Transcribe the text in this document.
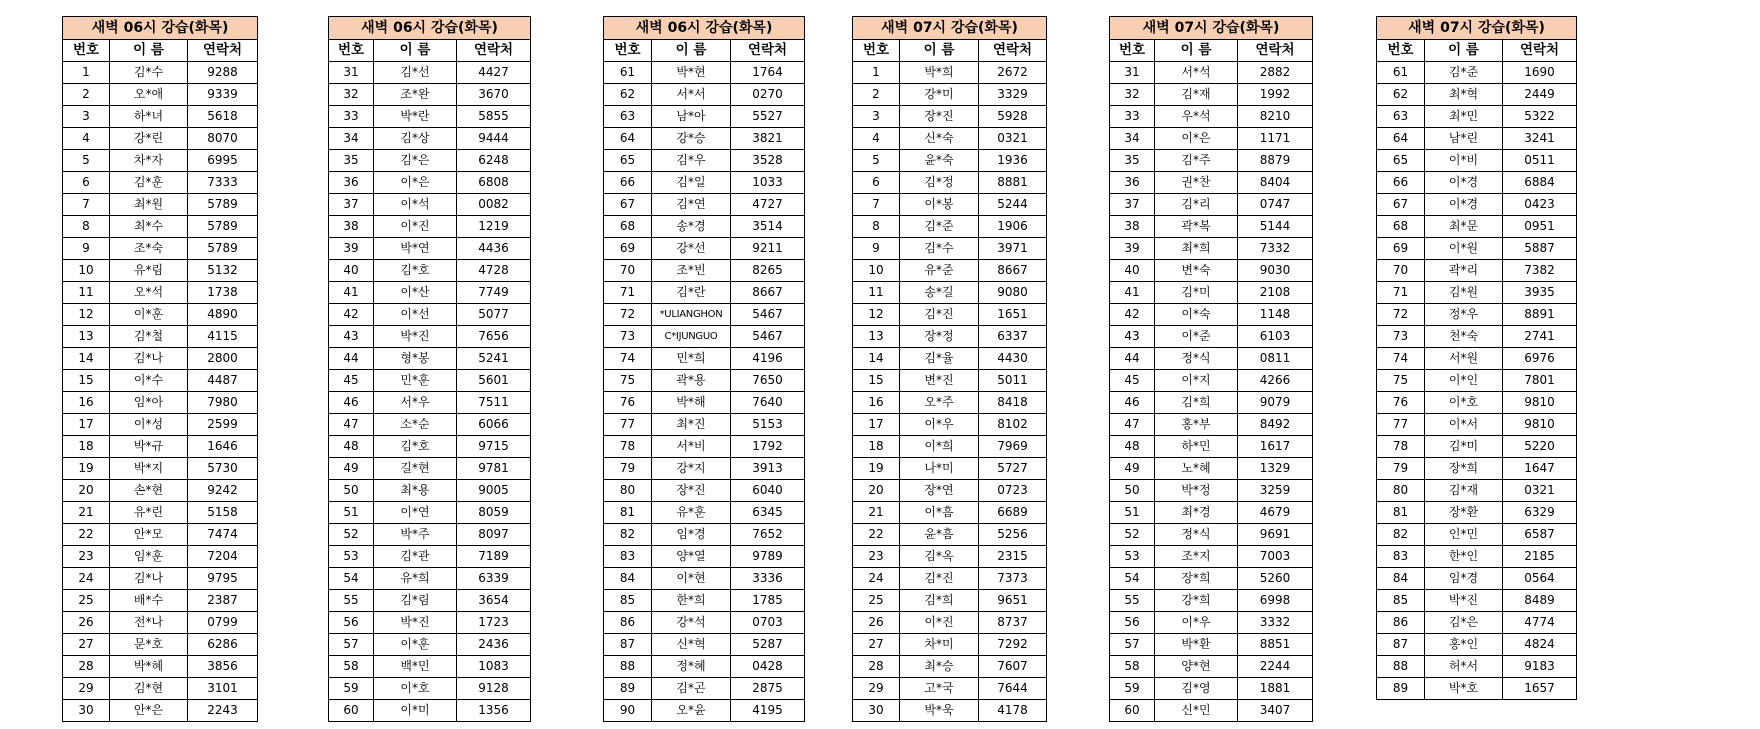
새벽 06시 강습(화목)		
번호	이 름	연락처
1	김*수	9288
2	오*애	9339
3	하*녀	5618
4	강*린	8070
5	차*자	6995
6	김*훈	7333
7	최*원	5789
8	최*수	5789
9	조*숙	5789
10	유*림	5132
11	오*석	1738
12	이*훈	4890
13	김*철	4115
14	김*나	2800
15	이*수	4487
16	임*아	7980
17	이*성	2599
18	박*규	1646
19	박*지	5730
20	손*현	9242
21	유*린	5158
22	안*모	7474
23	임*훈	7204
24	김*나	9795
25	배*수	2387
26	전*나	0799
27	문*호	6286
28	박*혜	3856
29	김*현	3101
30	안*은	2243
새벽 06시 강습(화목)		
번호	이 름	연락처
31	김*선	4427
32	조*완	3670
33	박*란	5855
34	김*상	9444
35	김*은	6248
36	이*은	6808
37	이*석	0082
38	이*진	1219
39	박*연	4436
40	김*호	4728
41	이*산	7749
42	이*선	5077
43	박*진	7656
44	형*봉	5241
45	민*훈	5601
46	서*우	7511
47	소*순	6066
48	김*호	9715
49	길*현	9781
50	최*용	9005
51	이*연	8059
52	박*주	8097
53	김*관	7189
54	유*희	6339
55	김*림	3654
56	박*진	1723
57	이*훈	2436
58	백*민	1083
59	이*호	9128
60	이*미	1356
새벽 06시 강습(화목)		
번호	이 름	연락처
61	박*현	1764
62	서*서	0270
63	남*아	5527
64	강*승	3821
65	김*우	3528
66	김*일	1033
67	김*연	4727
68	송*경	3514
69	강*선	9211
70	조*빈	8265
71	김*란	8667
72	*ULIANGHON	5467
73	C*IJUNGUO	5467
74	민*희	4196
75	곽*용	7650
76	박*해	7640
77	최*진	5153
78	서*비	1792
79	강*지	3913
80	장*진	6040
81	유*훈	6345
82	임*경	7652
83	양*열	9789
84	이*현	3336
85	한*희	1785
86	강*석	0703
87	신*혁	5287
88	정*혜	0428
89	김*곤	2875
90	오*윤	4195
새벽 07시 강습(화목)		
번호	이 름	연락처
1	박*희	2672
2	강*미	3329
3	장*진	5928
4	신*숙	0321
5	윤*숙	1936
6	김*정	8881
7	이*봉	5244
8	김*준	1906
9	김*수	3971
10	유*준	8667
11	송*길	9080
12	김*진	1651
13	장*정	6337
14	김*율	4430
15	변*진	5011
16	오*주	8418
17	이*우	8102
18	이*희	7969
19	나*미	5727
20	장*연	0723
21	이*흠	6689
22	윤*흠	5256
23	김*옥	2315
24	김*진	7373
25	김*희	9651
26	이*진	8737
27	차*미	7292
28	최*승	7607
29	고*국	7644
30	박*욱	4178
새벽 07시 강습(화목)		
번호	이 름	연락처
31	서*석	2882
32	김*재	1992
33	우*석	8210
34	이*은	1171
35	김*주	8879
36	권*찬	8404
37	김*리	0747
38	곽*복	5144
39	최*희	7332
40	변*숙	9030
41	김*미	2108
42	이*숙	1148
43	이*준	6103
44	정*식	0811
45	이*지	4266
46	김*희	9079
47	홍*부	8492
48	하*민	1617
49	노*혜	1329
50	박*정	3259
51	최*경	4679
52	정*식	9691
53	조*지	7003
54	장*희	5260
55	강*희	6998
56	이*우	3332
57	박*환	8851
58	양*현	2244
59	김*영	1881
60	신*민	3407
새벽 07시 강습(화목)		
번호	이 름	연락처
61	김*준	1690
62	최*혁	2449
63	최*민	5322
64	남*린	3241
65	이*비	0511
66	이*경	6884
67	이*경	0423
68	최*문	0951
69	이*원	5887
70	곽*리	7382
71	김*원	3935
72	정*우	8891
73	천*숙	2741
74	서*원	6976
75	이*인	7801
76	이*호	9810
77	이*서	9810
78	김*미	5220
79	장*희	1647
80	김*재	0321
81	장*환	6329
82	인*민	6587
83	한*인	2185
84	임*경	0564
85	박*진	8489
86	김*은	4774
87	홍*인	4824
88	허*서	9183
89	박*호	1657
